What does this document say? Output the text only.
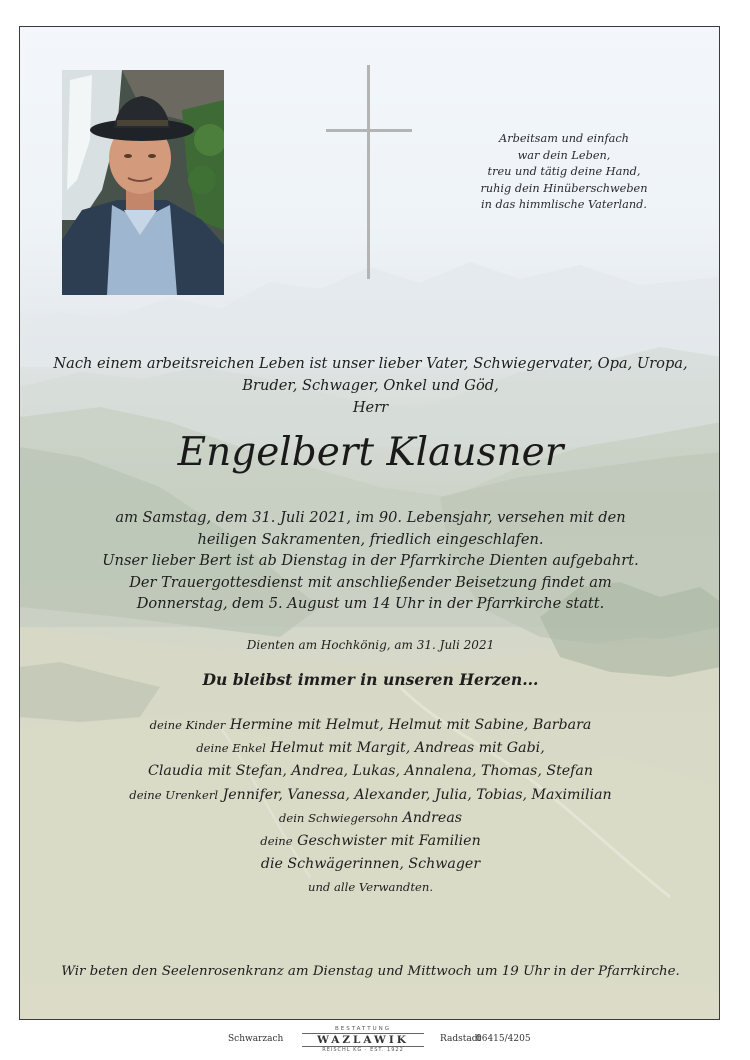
Arbeitsam und einfach
war dein Leben,
treu und tätig deine Hand,
ruhig dein Hinüberschweben
in das himmlische Vaterland.
Nach einem arbeitsreichen Leben ist unser lieber Vater, Schwiegervater, Opa, Uropa,
Bruder, Schwager, Onkel und Göd,
Herr
Engelbert Klausner
am Samstag, dem 31. Juli 2021, im 90. Lebensjahr, versehen mit den
heiligen Sakramenten, friedlich eingeschlafen.
Unser lieber Bert ist ab Dienstag in der Pfarrkirche Dienten aufgebahrt.
Der Trauergottesdienst mit anschließender Beisetzung findet am
Donnerstag, dem 5. August um 14 Uhr in der Pfarrkirche statt.
Dienten am Hochkönig, am 31. Juli 2021
Du bleibst immer in unseren Herzen...
deine Kinder Hermine mit Helmut, Helmut mit Sabine, Barbara
deine Enkel Helmut mit Margit, Andreas mit Gabi,
Claudia mit Stefan, Andrea, Lukas, Annalena, Thomas, Stefan
deine Urenkerl Jennifer, Vanessa, Alexander, Julia, Tobias, Maximilian
dein Schwiegersohn Andreas
deine Geschwister mit Familien
die Schwägerinnen, Schwager
und alle Verwandten.
Wir beten den Seelenrosenkranz am Dienstag und Mittwoch um 19 Uhr in der Pfarrkirche.
Schwarzach
BESTATTUNG
WAZLAWIK
REISCHL KG · EST. 1922
Radstadt
06415/4205
